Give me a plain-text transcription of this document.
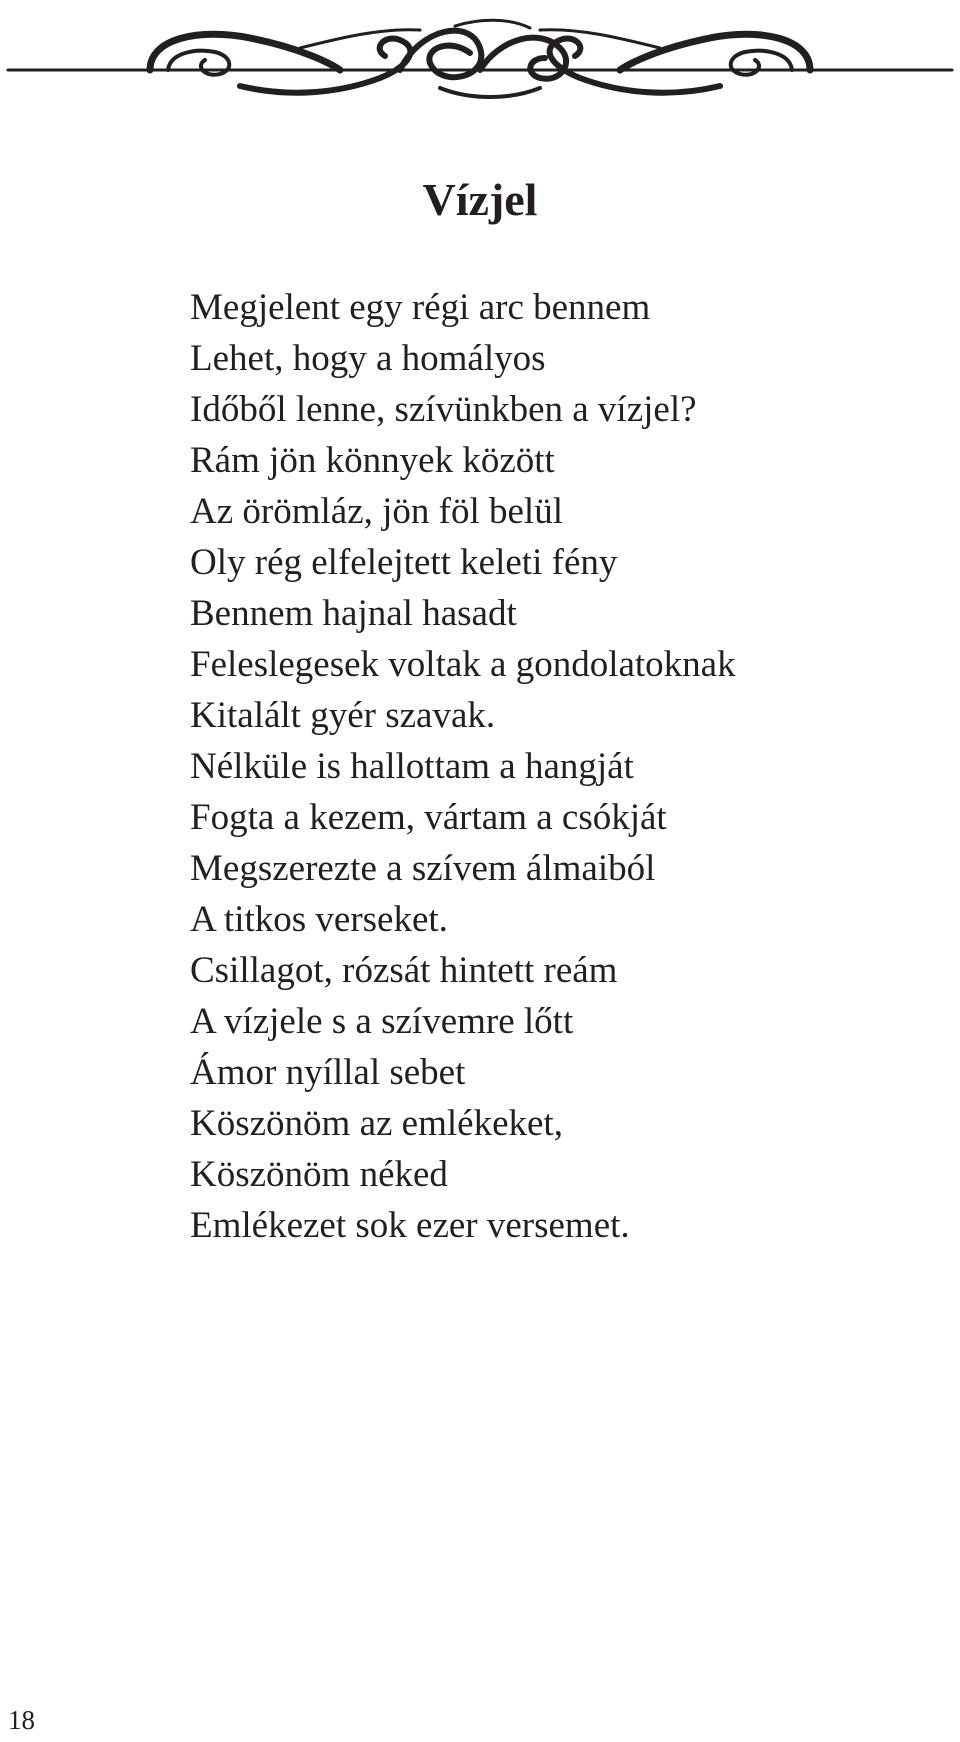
Vízjel
Megjelent egy régi arc bennem
Lehet, hogy a homályos
Időből lenne, szívünkben a vízjel?
Rám jön könnyek között
Az örömláz, jön föl belül
Oly rég elfelejtett keleti fény
Bennem hajnal hasadt
Feleslegesek voltak a gondolatoknak
Kitalált gyér szavak.
Nélküle is hallottam a hangját
Fogta a kezem, vártam a csókját
Megszerezte a szívem álmaiból
A titkos verseket.
Csillagot, rózsát hintett reám
A vízjele s a szívemre lőtt
Ámor nyíllal sebet
Köszönöm az emlékeket,
Köszönöm néked
Emlékezet sok ezer versemet.
18
